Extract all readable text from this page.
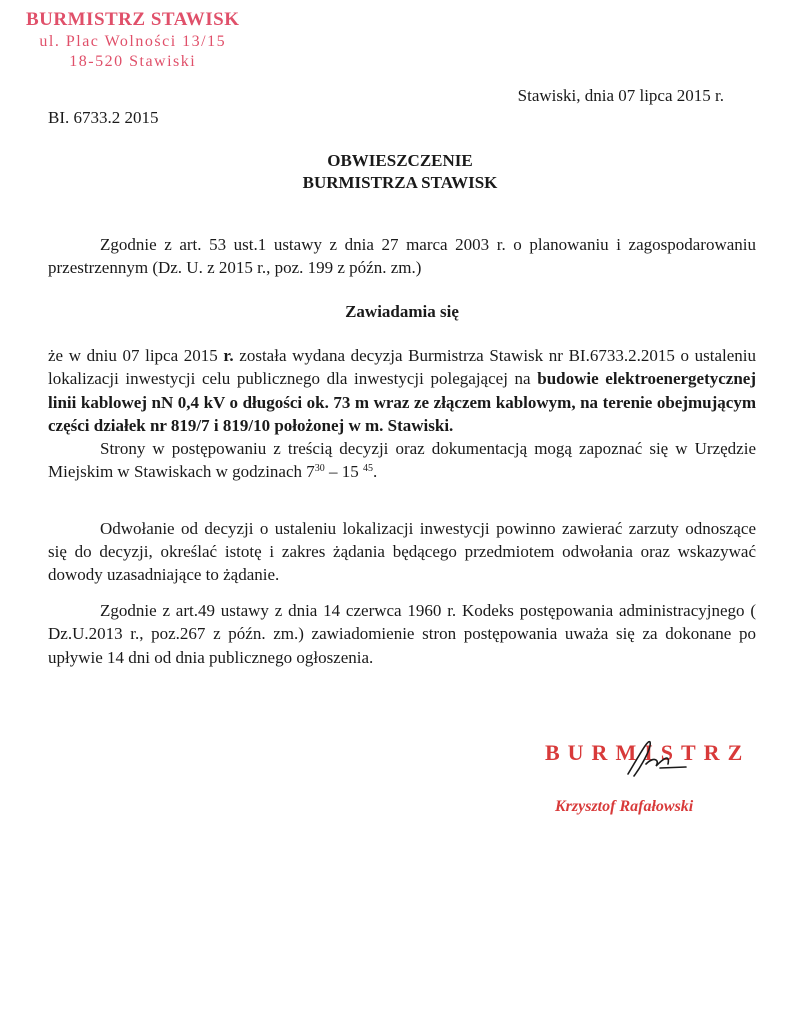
BURMISTRZ STAWISK
ul. Plac Wolności 13/15
18-520 Stawiski
Stawiski, dnia 07 lipca 2015 r.
BI. 6733.2 2015
OBWIESZCZENIE
BURMISTRZA STAWISK

Zgodnie z art. 53 ust.1 ustawy z dnia 27 marca 2003 r. o planowaniu i zagospodarowaniu przestrzennym (Dz. U. z 2015 r., poz. 199 z późn. zm.)

Zawiadamia się

że w dniu 07 lipca 2015 r. została wydana decyzja Burmistrza Stawisk nr BI.6733.2.2015 o ustaleniu lokalizacji inwestycji celu publicznego dla inwestycji polegającej na budowie elektroenergetycznej linii kablowej nN 0,4 kV o długości ok. 73 m wraz ze złączem kablowym, na terenie obejmującym części działek nr 819/7 i 819/10 położonej w m. Stawiski.

Strony w postępowaniu z treścią decyzji oraz dokumentacją mogą zapoznać się w Urzędzie Miejskim w Stawiskach w godzinach $7^{30} - 15$ $^{45}$.

Odwołanie od decyzji o ustaleniu lokalizacji inwestycji powinno zawierać zarzuty odnoszące się do decyzji, określać istotę i zakres żądania będącego przedmiotem odwołania oraz wskazywać dowody uzasadniające to żądanie.

Zgodnie z art.49 ustawy z dnia 14 czerwca 1960 r. Kodeks postępowania administracyjnego ( Dz.U.2013 r., poz.267 z późn. zm.) zawiadomienie stron postępowania uważa się za dokonane po upływie 14 dni od dnia publicznego ogłoszenia.

BURMISTRZ
Krzysztof Rafałowski
